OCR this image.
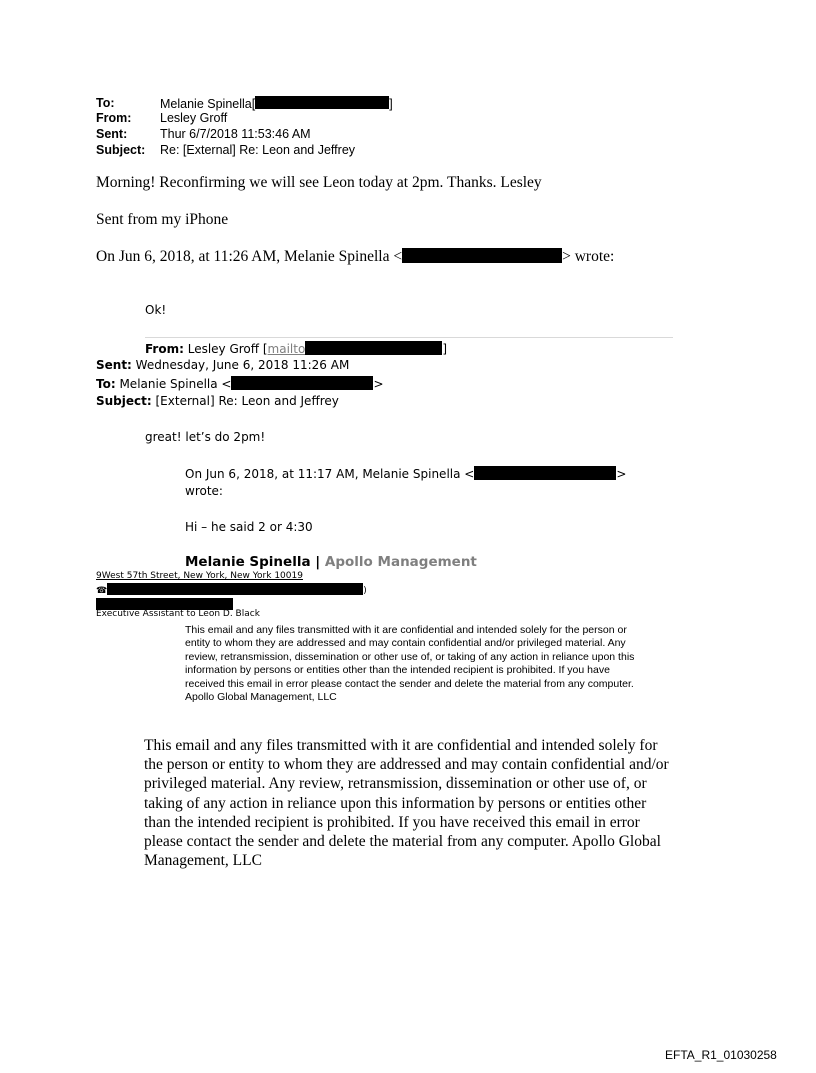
To:	Melanie Spinella[	]
From: Lesley Groff
Sent:	Thur 6/7/2018 11:53:46 AM
Subject: Re: [External] Re: Leon and Jeffrey
Morning! Reconfirming we will see Leon today at 2pm. Thanks. Lesley
Sent from my iPhone
On Jun 6, 2018, at 11:26 AM, Melanie Spinella <	> wrote:
Ok!
From: Lesley Groff [mailto	]
Sent: Wednesday, June 6, 2018 11:26 AM
To: Melanie Spinella <	>
Subject: [External] Re: Leon and Jeffrey
great! let’s do 2pm!
On Jun 6, 2018, at 11:17 AM, Melanie Spinella <	>
wrote:
Hi – he said 2 or 4:30
Melanie Spinella | Apollo Management
9West 57th Street, New York, New York 10019
☎	)
Executive Assistant to Leon D. Black
This email and any files transmitted with it are confidential and intended solely for the person or entity to whom they are addressed and may contain confidential and/or privileged material. Any review, retransmission, dissemination or other use of, or taking of any action in reliance upon this information by persons or entities other than the intended recipient is prohibited. If you have received this email in error please contact the sender and delete the material from any computer. Apollo Global Management, LLC
This email and any files transmitted with it are confidential and intended solely for the person or entity to whom they are addressed and may contain confidential and/or privileged material. Any review, retransmission, dissemination or other use of, or taking of any action in reliance upon this information by persons or entities other than the intended recipient is prohibited. If you have received this email in error please contact the sender and delete the material from any computer. Apollo Global Management, LLC
EFTA_R1_01030258
